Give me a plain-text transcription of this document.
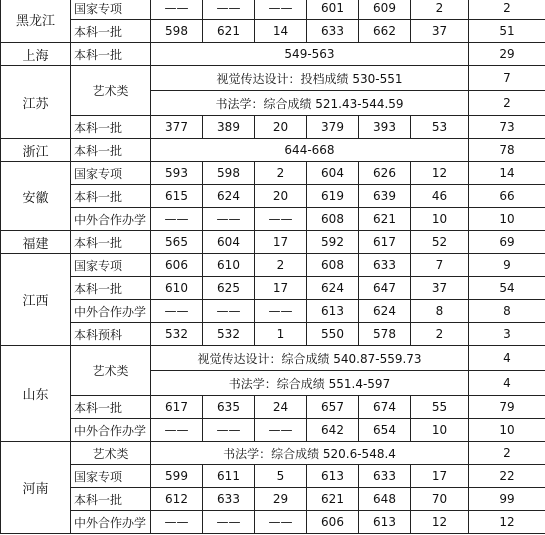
黑龙江	国家专项	——	——	——	601	609	2	2
	本科一批	598	621	14	633	662	37	51
上海	本科一批	549-563						29
江苏	艺术类	视觉传达设计：投档成绩 530-551						7
		书法学：综合成绩 521.43-544.59						2
	本科一批	377	389	20	379	393	53	73
浙江	本科一批	644-668						78
安徽	国家专项	593	598	2	604	626	12	14
	本科一批	615	624	20	619	639	46	66
	中外合作办学	——	——	——	608	621	10	10
福建	本科一批	565	604	17	592	617	52	69
江西	国家专项	606	610	2	608	633	7	9
	本科一批	610	625	17	624	647	37	54
	中外合作办学	——	——	——	613	624	8	8
	本科预科	532	532	1	550	578	2	3
山东	艺术类	视觉传达设计：综合成绩 540.87-559.73						4
		书法学：综合成绩 551.4-597						4
	本科一批	617	635	24	657	674	55	79
	中外合作办学	——	——	——	642	654	10	10
河南	艺术类	书法学：综合成绩 520.6-548.4						2
	国家专项	599	611	5	613	633	17	22
	本科一批	612	633	29	621	648	70	99
	中外合作办学	——	——	——	606	613	12	12
